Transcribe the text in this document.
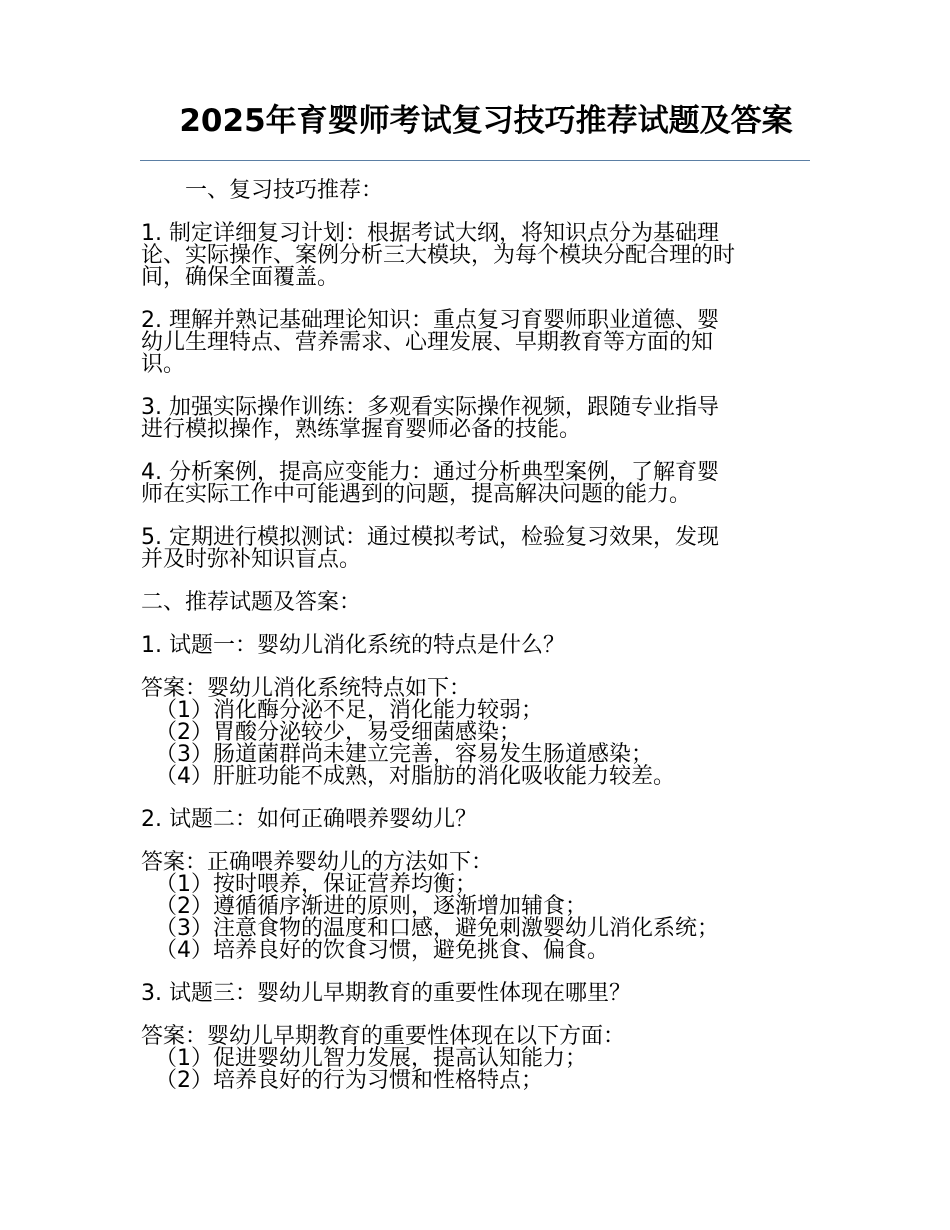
2025年育婴师考试复习技巧推荐试题及答案
一、复习技巧推荐：
1. 制定详细复习计划：根据考试大纲，将知识点分为基础理
论、实际操作、案例分析三大模块，为每个模块分配合理的时
间，确保全面覆盖。
2. 理解并熟记基础理论知识：重点复习育婴师职业道德、婴
幼儿生理特点、营养需求、心理发展、早期教育等方面的知
识。
3. 加强实际操作训练：多观看实际操作视频，跟随专业指导
进行模拟操作，熟练掌握育婴师必备的技能。
4. 分析案例，提高应变能力：通过分析典型案例，了解育婴
师在实际工作中可能遇到的问题，提高解决问题的能力。
5. 定期进行模拟测试：通过模拟考试，检验复习效果，发现
并及时弥补知识盲点。
二、推荐试题及答案：
1. 试题一：婴幼儿消化系统的特点是什么？
答案：婴幼儿消化系统特点如下：
（1）消化酶分泌不足，消化能力较弱；
（2）胃酸分泌较少，易受细菌感染；
（3）肠道菌群尚未建立完善，容易发生肠道感染；
（4）肝脏功能不成熟，对脂肪的消化吸收能力较差。
2. 试题二：如何正确喂养婴幼儿？
答案：正确喂养婴幼儿的方法如下：
（1）按时喂养，保证营养均衡；
（2）遵循循序渐进的原则，逐渐增加辅食；
（3）注意食物的温度和口感，避免刺激婴幼儿消化系统；
（4）培养良好的饮食习惯，避免挑食、偏食。
3. 试题三：婴幼儿早期教育的重要性体现在哪里？
答案：婴幼儿早期教育的重要性体现在以下方面：
（1）促进婴幼儿智力发展，提高认知能力；
（2）培养良好的行为习惯和性格特点；
